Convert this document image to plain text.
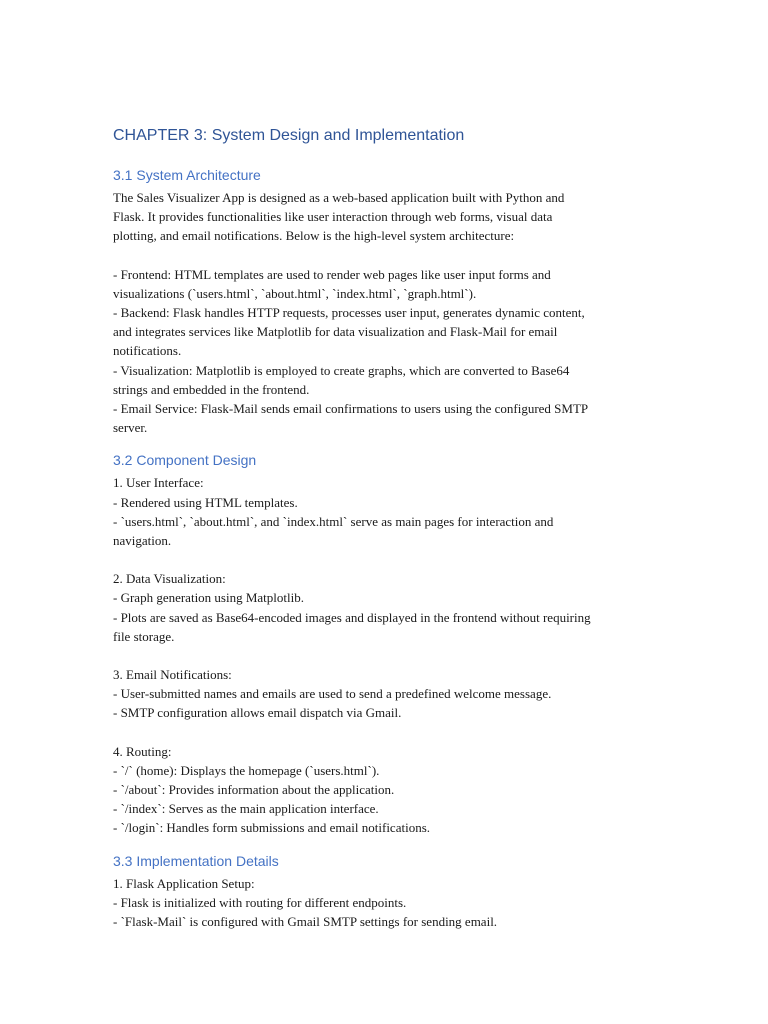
CHAPTER 3: System Design and Implementation
3.1 System Architecture
The Sales Visualizer App is designed as a web-based application built with Python and
Flask. It provides functionalities like user interaction through web forms, visual data
plotting, and email notifications. Below is the high-level system architecture:
- Frontend: HTML templates are used to render web pages like user input forms and
visualizations (`users.html`, `about.html`, `index.html`, `graph.html`).
- Backend: Flask handles HTTP requests, processes user input, generates dynamic content,
and integrates services like Matplotlib for data visualization and Flask-Mail for email
notifications.
- Visualization: Matplotlib is employed to create graphs, which are converted to Base64
strings and embedded in the frontend.
- Email Service: Flask-Mail sends email confirmations to users using the configured SMTP
server.
3.2 Component Design
1. User Interface:
- Rendered using HTML templates.
- `users.html`, `about.html`, and `index.html` serve as main pages for interaction and
navigation.
2. Data Visualization:
- Graph generation using Matplotlib.
- Plots are saved as Base64-encoded images and displayed in the frontend without requiring
file storage.
3. Email Notifications:
- User-submitted names and emails are used to send a predefined welcome message.
- SMTP configuration allows email dispatch via Gmail.
4. Routing:
- `/` (home): Displays the homepage (`users.html`).
- `/about`: Provides information about the application.
- `/index`: Serves as the main application interface.
- `/login`: Handles form submissions and email notifications.
3.3 Implementation Details
1. Flask Application Setup:
- Flask is initialized with routing for different endpoints.
- `Flask-Mail` is configured with Gmail SMTP settings for sending email.
